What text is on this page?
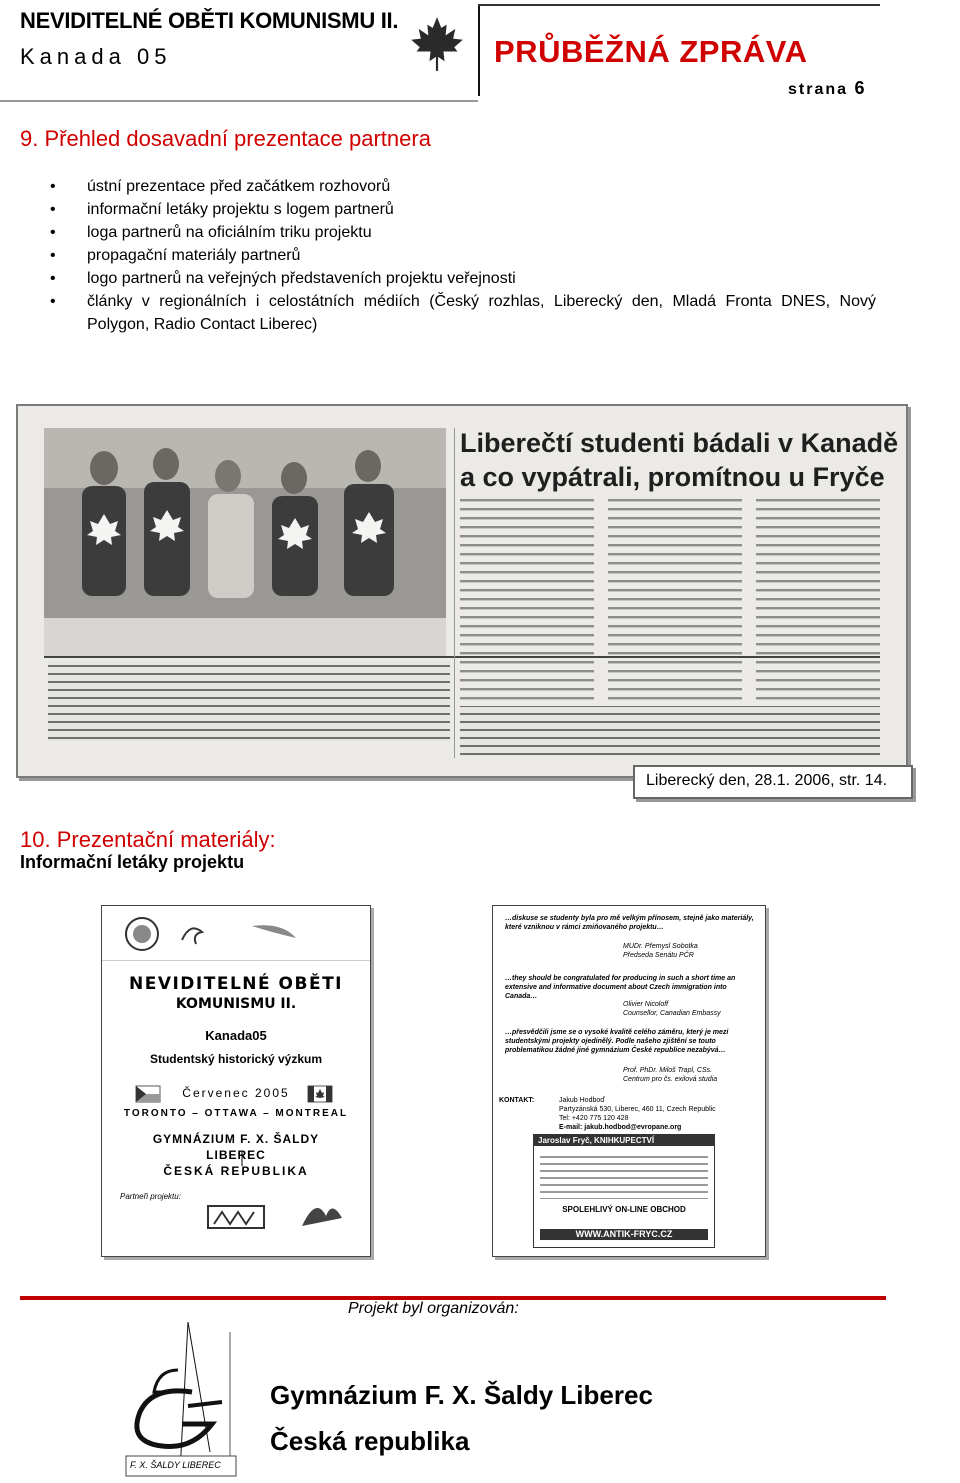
NEVIDITELNÉ OBĚTI KOMUNISMU II.
Kanada 05	PRŮBĚŽNÁ ZPRÁVA
strana 6
9. Přehled dosavadní prezentace partnera
• ústní prezentace před začátkem rozhovorů
• informační letáky projektu s logem partnerů
• loga partnerů na oficiálním triku projektu
• propagační materiály partnerů
• logo partnerů na veřejných představeních projektu veřejnosti
• články v regionálních i celostátních médiích (Český rozhlas, Liberecký den, Mladá Fronta DNES, Nový Polygon, Radio Contact Liberec)
Liberečtí studenti bádali v Kanadě
a co vypátrali, promítnou u Fryče
Liberecký den, 28.1. 2006, str. 14.
10. Prezentační materiály:
Informační letáky projektu
NEVIDITELNÉ OBĚTI
KOMUNISMU II.
Kanada05
Studentský historický výzkum
Červenec 2005
TORONTO – OTTAWA – MONTREAL
GYMNÁZIUM F. X. ŠALDY
LIBEREC
ČESKÁ REPUBLIKA
Partneři projektu:
…diskuse se studenty byla pro mě velkým přínosem, stejně jako materiály, které vzniknou v rámci zmiňovaného projektu…
MUDr. Přemysl Sobotka
Předseda Senátu PČR
…they should be congratulated for producing in such a short time an extensive and informative document about Czech immigration into Canada…
Olivier Nicoloff
Counsellor, Canadian Embassy
…přesvědčili jsme se o vysoké kvalitě celého záměru, který je mezi studentskými projekty ojedinělý. Podle našeho zjištění se touto problematikou žádné jiné gymnázium České republice nezabývá…
Prof. PhDr. Miloš Trapl, CSs.
Centrum pro čs. exilová studia
KONTAKT:	Jakub Hodboď
Partyzánská 530, Liberec, 460 11, Czech Republic
Tel: +420 775 120 428
E-mail: jakub.hodbod@evropane.org
Jaroslav Fryč, KNIHKUPECTVÍ
SPOLEHLIVÝ ON-LINE OBCHOD
WWW.ANTIK-FRYC.CZ
Projekt byl organizován:
F. X. ŠALDY LIBEREC
Gymnázium F. X. Šaldy Liberec
Česká republika
